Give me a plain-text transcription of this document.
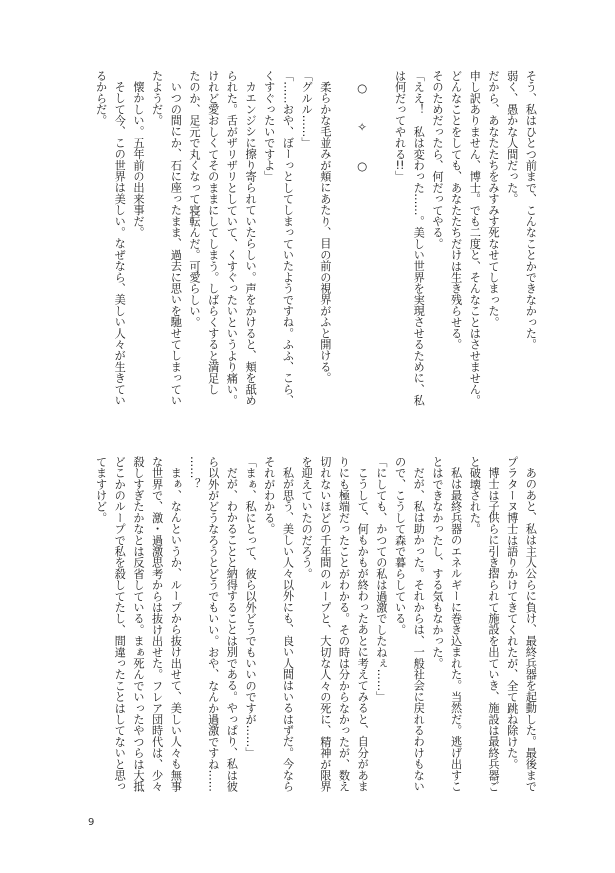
そう、私はひとつ前まで、こんなことかできなかった。
弱く、愚かな人間だった。
だから、あなたたちをみすみす死なせてしまった。
申し訳ありません、博士。でも二度と、そんなことはさせません。
どんなことをしても、あなたたちだけは生き残らせる。
そのためだったら、何だってやる。
「ええ！　私は変わった……。美しい世界を実現させるために、私
は何だってやれる!!」
○✧○
柔らかな毛並みが頬にあたり、目の前の視界がふと開ける。
「グルル……」
「……おや、ぼーっとしてしまっていたようですね。ふふ、こら、
くすぐったいですよ」
カエンジシに擦り寄られていたらしい。声をかけると、頬を舐め
られた。舌がザリザリとしていて、くすぐったいというより痛い。
けれど愛おしくてそのままにしてしまう。しばらくすると満足し
たのか、足元で丸くなって寝転んだ。可愛らしい。
いつの間にか、石に座ったまま、過去に思いを馳せてしまってい
たようだ。
懐かしい。五年前の出来事だ。
そして今、この世界は美しい。なぜなら、美しい人々が生きてい
るからだ。
あのあと、私は主人公らに負け、最終兵器を起動した。最後まで
プラターヌ博士は語りかけてきてくれたが、全て跳ね除けた。
博士は子供らに引き摺られて施設を出ていき、施設は最終兵器ご
と破壊された。
私は最終兵器のエネルギーに巻き込まれた。当然だ。逃げ出すこ
とはできなかったし、する気もなかった。
だが、私は助かった。それからは、一般社会に戻れるわけもない
ので、こうして森で暮らしている。
「にしても、かつての私は過激でしたねぇ……」
こうして、何もかもが終わったあとに考えてみると、自分があま
りにも極端だったことがわかる。その時は分からなかったが、数え
切れないほどの千年間のループと、大切な人々の死に、精神が限界
を迎えていたのだろう。
私が思う、美しい人々以外にも、良い人間はいるはずだ。今なら
それがわかる。
「まぁ、私にとって、彼ら以外どうでもいいのですが……」
だが、わかることと納得することは別である。やっぱり、私は彼
ら以外がどうなろうとどうでもいい。おや、なんか過激ですね……
……？
まぁ、なんというか、ループから抜け出せて、美しい人々も無事
な世界で、激・過激思考からは抜け出せた。フレア団時代は、少々
殺しすぎたかなとは反省している。まぁ死んでいったやつらは大抵
どこかのループで私を殺してたし、間違ったことはしてないと思っ
てますけど。
9
